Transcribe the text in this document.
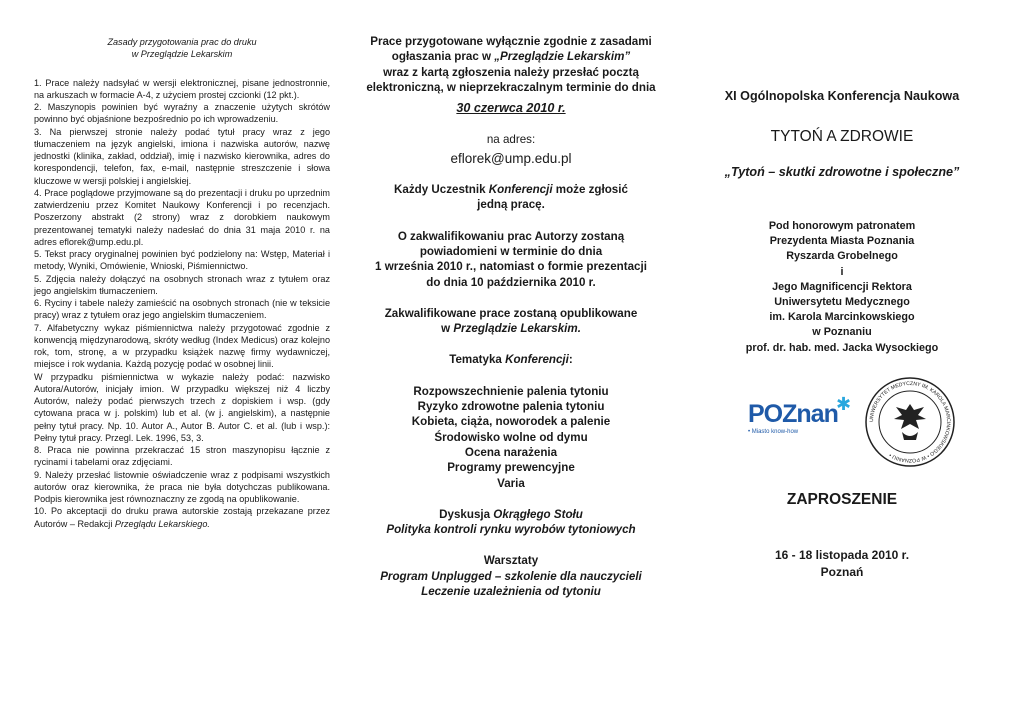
Zasady przygotowania prac do druku
w Przeglądzie Lekarskim
1. Prace należy nadsyłać w wersji elektronicznej, pisane jednostronnie, na arkuszach w formacie A-4, z użyciem prostej czcionki (12 pkt.).
2. Maszynopis powinien być wyraźny a znaczenie użytych skrótów powinno być objaśnione bezpośrednio po ich wprowadzeniu.
3. Na pierwszej stronie należy podać tytuł pracy wraz z jego tłumaczeniem na język angielski, imiona i nazwiska autorów, nazwę jednostki (klinika, zakład, oddział), imię i nazwisko kierownika, adres do korespondencji, telefon, fax, e-mail, następnie streszczenie i słowa kluczowe w wersji polskiej i angielskiej.
4. Prace poglądowe przyjmowane są do prezentacji i druku po uprzednim zatwierdzeniu przez Komitet Naukowy Konferencji i po recenzjach. Poszerzony abstrakt (2 strony) wraz z dorobkiem naukowym prezentowanej tematyki należy nadesłać do dnia 31 maja 2010 r. na adres eflorek@ump.edu.pl.
5. Tekst pracy oryginalnej powinien być podzielony na: Wstęp, Materiał i metody, Wyniki, Omówienie, Wnioski, Piśmiennictwo.
5. Zdjęcia należy dołączyć na osobnych stronach wraz z tytułem oraz jego angielskim tłumaczeniem.
6. Ryciny i tabele należy zamieścić na osobnych stronach (nie w teksicie pracy) wraz z tytułem oraz jego angielskim tłumaczeniem.
7. Alfabetyczny wykaz piśmiennictwa należy przygotować zgodnie z konwencją międzynarodową, skróty według (Index Medicus) oraz kolejno rok, tom, stronę, a w przypadku książek nazwę firmy wydawniczej, miejsce i rok wydania. Każdą pozycję podać w osobnej linii.
W przypadku piśmiennictwa w wykazie należy podać: nazwisko Autora/Autorów, inicjały imion. W przypadku większej niż 4 liczby Autorów, należy podać pierwszych trzech z dopiskiem i wsp. (gdy cytowana praca w j. polskim) lub et al. (w j. angielskim), a następnie pełny tytuł pracy. Np. 10. Autor A., Autor B. Autor C. et al. (lub i wsp.): Pełny tytuł pracy. Przegl. Lek. 1996, 53, 3.
8. Praca nie powinna przekraczać 15 stron maszynopisu łącznie z rycinami i tabelami oraz zdjęciami.
9. Należy przesłać listownie oświadczenie wraz z podpisami wszystkich autorów oraz kierownika, że praca nie była dotychczas publikowana. Podpis kierownika jest równoznaczny ze zgodą na opublikowanie.
10. Po akceptacji do druku prawa autorskie zostają przekazane przez Autorów – Redakcji Przeglądu Lekarskiego.
Prace przygotowane wyłącznie zgodnie z zasadami
ogłaszania prac w „Przeglądzie Lekarskim”
wraz z kartą zgłoszenia należy przesłać pocztą
elektroniczną, w nieprzekraczalnym terminie do dnia
30 czerwca 2010 r.
na adres:
eflorek@ump.edu.pl
Każdy Uczestnik Konferencji może zgłosić
jedną pracę.
O zakwalifikowaniu prac Autorzy zostaną
powiadomieni w terminie do dnia
1 września 2010 r., natomiast o formie prezentacji
do dnia 10 października 2010 r.
Zakwalifikowane prace zostaną opublikowane
w Przeglądzie Lekarskim.
Tematyka Konferencji:
Rozpowszechnienie palenia tytoniu
Ryzyko zdrowotne palenia tytoniu
Kobieta, ciąża, noworodek a palenie
Środowisko wolne od dymu
Ocena narażenia
Programy prewencyjne
Varia
Dyskusja Okrągłego Stołu
Polityka kontroli rynku wyrobów tytoniowych
Warsztaty
Program Unplugged – szkolenie dla nauczycieli
Leczenie uzależnienia od tytoniu
XI Ogólnopolska Konferencja Naukowa
TYTOŃ A ZDROWIE
„Tytoń – skutki zdrowotne i społeczne”
Pod honorowym patronatem
Prezydenta Miasta Poznania
Ryszarda Grobelnego
i
Jego Magnificencji Rektora
Uniwersytetu Medycznego
im. Karola Marcinkowskiego
w Poznaniu
prof. dr. hab. med. Jacka Wysockiego
POZnan
✱
• Miasto know-how
UNIWERSYTET MEDYCZNY IM. KAROLA MARCINKOWSKIEGO • W POZNANIU •
ZAPROSZENIE
16 - 18 listopada 2010 r.
Poznań
